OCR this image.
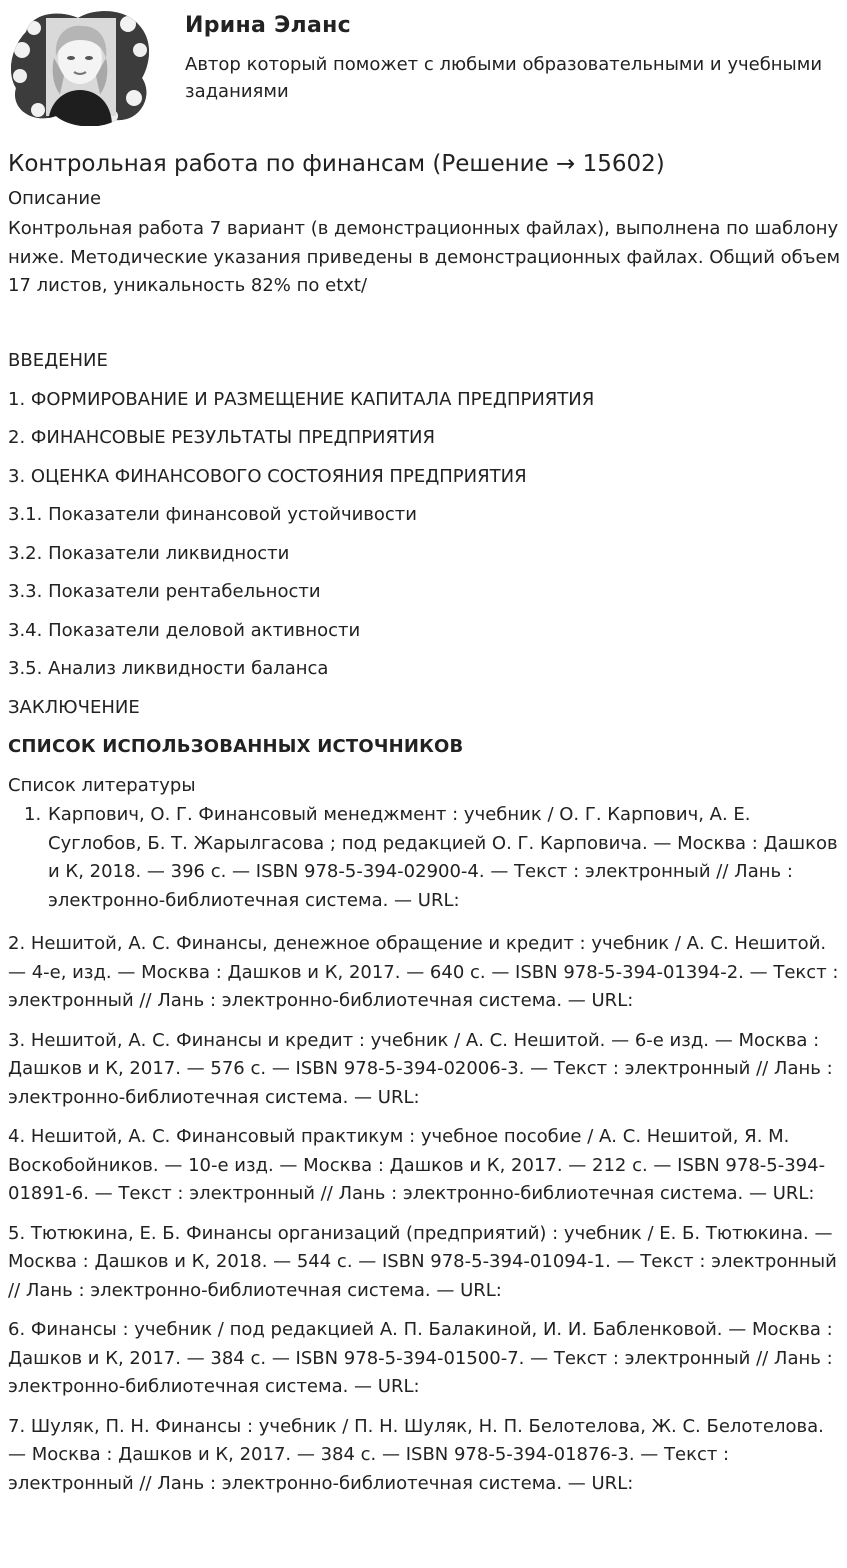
Ирина Эланс
Автор который поможет с любыми образовательными и учебными заданиями
Контрольная работа по финансам (Решение → 15602)
Описание
Контрольная работа 7 вариант (в демонстрационных файлах), выполнена по шаблону ниже. Методические указания приведены в демонстрационных файлах. Общий объем 17 листов, уникальность 82% по etxt/
ВВЕДЕНИЕ
1. ФОРМИРОВАНИЕ И РАЗМЕЩЕНИЕ КАПИТАЛА ПРЕДПРИЯТИЯ
2. ФИНАНСОВЫЕ РЕЗУЛЬТАТЫ ПРЕДПРИЯТИЯ
3. ОЦЕНКА ФИНАНСОВОГО СОСТОЯНИЯ ПРЕДПРИЯТИЯ
3.1. Показатели финансовой устойчивости
3.2. Показатели ликвидности
3.3. Показатели рентабельности
3.4. Показатели деловой активности
3.5. Анализ ликвидности баланса
ЗАКЛЮЧЕНИЕ
СПИСОК ИСПОЛЬЗОВАННЫХ ИСТОЧНИКОВ
Список литературы
1. Карпович, О. Г. Финансовый менеджмент : учебник / О. Г. Карпович, А. Е. Суглобов, Б. Т. Жарылгасова ; под редакцией О. Г. Карповича. — Москва : Дашков и К, 2018. — 396 с. — ISBN 978-5-394-02900-4. — Текст : электронный // Лань : электронно-библиотечная система. — URL:

2. Нешитой, А. С. Финансы, денежное обращение и кредит : учебник / А. С. Нешитой. — 4-е, изд. — Москва : Дашков и К, 2017. — 640 с. — ISBN 978-5-394-01394-2. — Текст : электронный // Лань : электронно-библиотечная система. — URL:

3. Нешитой, А. С. Финансы и кредит : учебник / А. С. Нешитой. — 6-е изд. — Москва : Дашков и К, 2017. — 576 с. — ISBN 978-5-394-02006-3. — Текст : электронный // Лань : электронно-библиотечная система. — URL:

4. Нешитой, А. С. Финансовый практикум : учебное пособие / А. С. Нешитой, Я. М. Воскобойников. — 10-е изд. — Москва : Дашков и К, 2017. — 212 с. — ISBN 978-5-394-01891-6. — Текст : электронный // Лань : электронно-библиотечная система. — URL:

5. Тютюкина, Е. Б. Финансы организаций (предприятий) : учебник / Е. Б. Тютюкина. — Москва : Дашков и К, 2018. — 544 с. — ISBN 978-5-394-01094-1. — Текст : электронный // Лань : электронно-библиотечная система. — URL:

6. Финансы : учебник / под редакцией А. П. Балакиной, И. И. Бабленковой. — Москва : Дашков и К, 2017. — 384 с. — ISBN 978-5-394-01500-7. — Текст : электронный // Лань : электронно-библиотечная система. — URL:

7. Шуляк, П. Н. Финансы : учебник / П. Н. Шуляк, Н. П. Белотелова, Ж. С. Белотелова. — Москва : Дашков и К, 2017. — 384 с. — ISBN 978-5-394-01876-3. — Текст : электронный // Лань : электронно-библиотечная система. — URL:
